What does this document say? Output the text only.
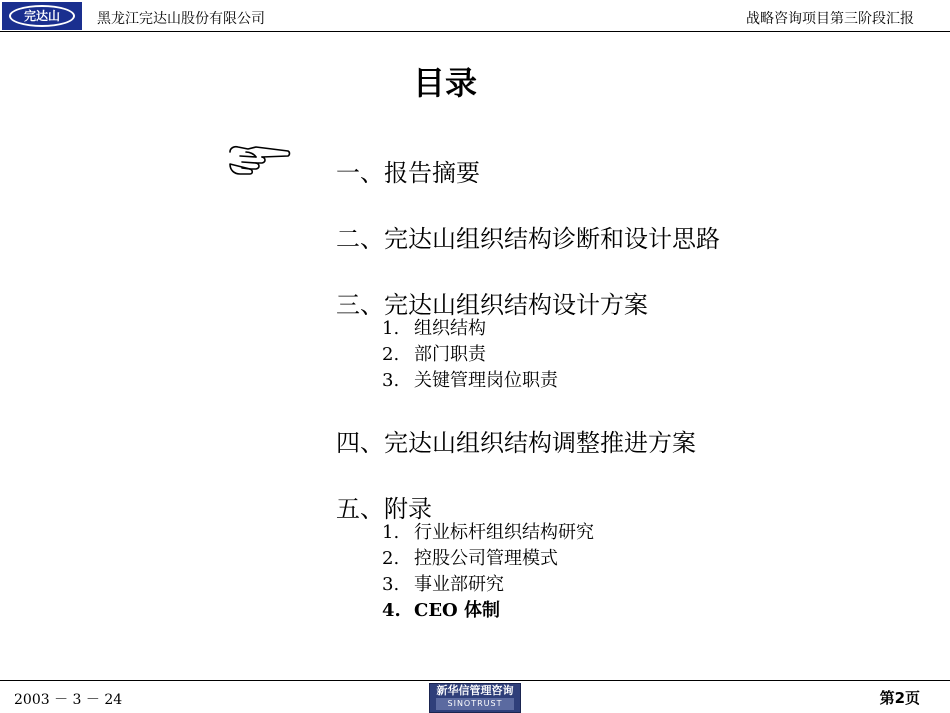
完达山	黑龙江完达山股份有限公司	战略咨询项目第三阶段汇报
目录
一、报告摘要
二、完达山组织结构诊断和设计思路
三、完达山组织结构设计方案
1. 组织结构
2. 部门职责
3. 关键管理岗位职责
四、完达山组织结构调整推进方案
五、附录
1. 行业标杆组织结构研究
2. 控股公司管理模式
3. 事业部研究
4. CEO 体制
2003 － 3 － 24
新华信管理咨询
SINOTRUST	第2页
